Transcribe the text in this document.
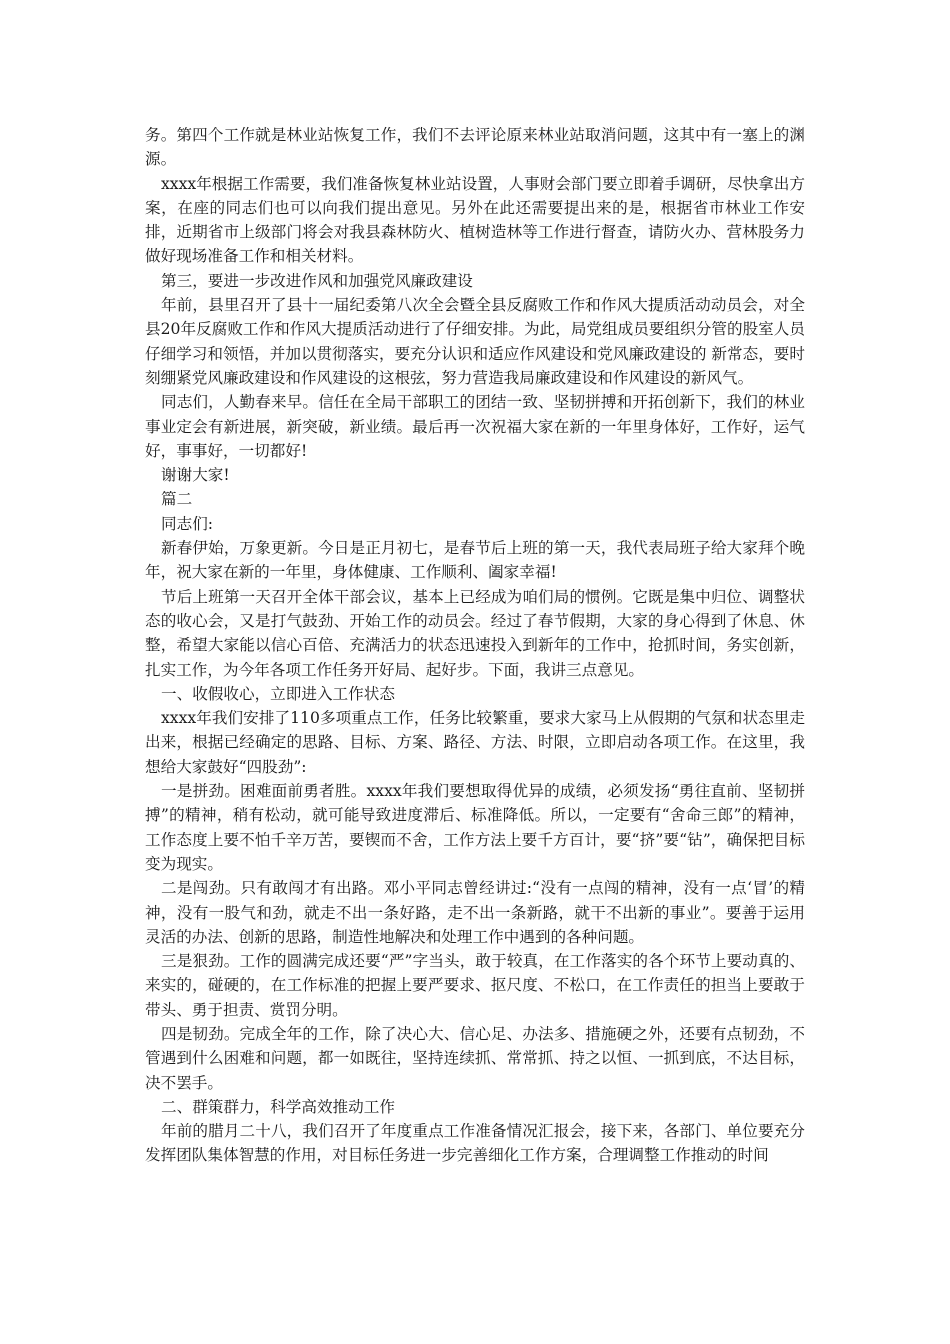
务。第四个工作就是林业站恢复工作，我们不去评论原来林业站取消问题，这其中有一塞上的渊源。

xxxx年根据工作需要，我们准备恢复林业站设置，人事财会部门要立即着手调研，尽快拿出方案，在座的同志们也可以向我们提出意见。另外在此还需要提出来的是，根据省市林业工作安排，近期省市上级部门将会对我县森林防火、植树造林等工作进行督查，请防火办、营林股务力做好现场准备工作和相关材料。

第三，要进一步改进作风和加强党风廉政建设

年前，县里召开了县十一届纪委第八次全会暨全县反腐败工作和作风大提质活动动员会，对全县20年反腐败工作和作风大提质活动进行了仔细安排。为此，局党组成员要组织分管的股室人员仔细学习和领悟，并加以贯彻落实，要充分认识和适应作风建设和党风廉政建设的 新常态，要时刻绷紧党风廉政建设和作风建设的这根弦，努力营造我局廉政建设和作风建设的新风气。

同志们，人勤春来早。信任在全局干部职工的团结一致、坚韧拼搏和开拓创新下，我们的林业事业定会有新进展，新突破，新业绩。最后再一次祝福大家在新的一年里身体好，工作好，运气好，事事好，一切都好!

谢谢大家!

篇二

同志们:

新春伊始，万象更新。今日是正月初七，是春节后上班的第一天，我代表局班子给大家拜个晚年，祝大家在新的一年里，身体健康、工作顺利、阖家幸福!

节后上班第一天召开全体干部会议，基本上已经成为咱们局的惯例。它既是集中归位、调整状态的收心会，又是打气鼓劲、开始工作的动员会。经过了春节假期，大家的身心得到了休息、休整，希望大家能以信心百倍、充满活力的状态迅速投入到新年的工作中，抢抓时间，务实创新，扎实工作，为今年各项工作任务开好局、起好步。下面，我讲三点意见。

一、收假收心，立即进入工作状态

xxxx年我们安排了110多项重点工作，任务比较繁重，要求大家马上从假期的气氛和状态里走出来，根据已经确定的思路、目标、方案、路径、方法、时限，立即启动各项工作。在这里，我想给大家鼓好“四股劲”:

一是拼劲。困难面前勇者胜。xxxx年我们要想取得优异的成绩，必须发扬“勇往直前、坚韧拼搏”的精神，稍有松动，就可能导致进度滞后、标准降低。所以，一定要有“舍命三郎”的精神，工作态度上要不怕千辛万苦，要锲而不舍，工作方法上要千方百计，要“挤”要“钻”，确保把目标变为现实。

二是闯劲。只有敢闯才有出路。邓小平同志曾经讲过:“没有一点闯的精神，没有一点‘冒’的精神，没有一股气和劲，就走不出一条好路，走不出一条新路，就干不出新的事业”。要善于运用灵活的办法、创新的思路，制造性地解决和处理工作中遇到的各种问题。

三是狠劲。工作的圆满完成还要“严”字当头，敢于较真，在工作落实的各个环节上要动真的、来实的，碰硬的，在工作标准的把握上要严要求、抠尺度、不松口，在工作责任的担当上要敢于带头、勇于担责、赏罚分明。

四是韧劲。完成全年的工作，除了决心大、信心足、办法多、措施硬之外，还要有点韧劲，不管遇到什么困难和问题，都一如既往，坚持连续抓、常常抓、持之以恒、一抓到底，不达目标，决不罢手。

二、群策群力，科学高效推动工作

年前的腊月二十八，我们召开了年度重点工作准备情况汇报会，接下来，各部门、单位要充分发挥团队集体智慧的作用，对目标任务进一步完善细化工作方案，合理调整工作推动的时间
